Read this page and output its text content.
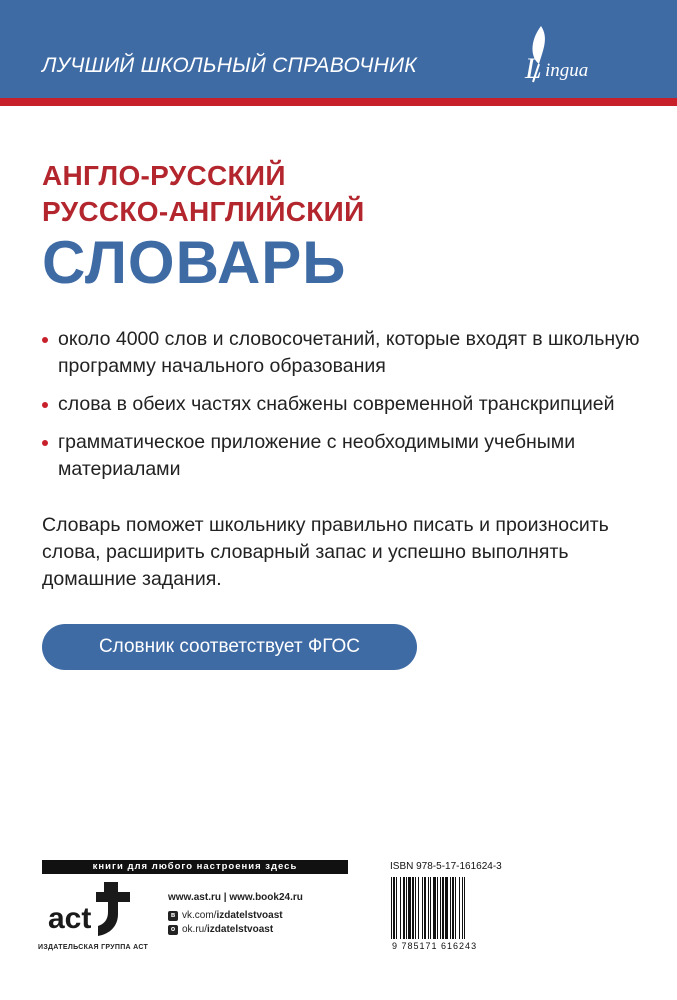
ЛУЧШИЙ ШКОЛЬНЫЙ СПРАВОЧНИК	L ingua
АНГЛО-РУССКИЙ
РУССКО-АНГЛИЙСКИЙ
СЛОВАРЬ
около 4000 слов и словосочетаний, которые входят в школьную программу начального образования
слова в обеих частях снабжены современной транскрипцией
грамматическое приложение с необходимыми учебными материалами
Словарь поможет школьнику правильно писать и произносить слова, расширить словарный запас и успешно выполнять домашние задания.
Словник соответствует ФГОС
книги для любого настроения здесь
act
ИЗДАТЕЛЬСКАЯ ГРУППА АСТ
www.ast.ru | www.book24.ru
в vk.com/ izdatelstvoast
o ok.ru/ izdatelstvoast
ISBN 978-5-17-161624-3
9 785171 616243
